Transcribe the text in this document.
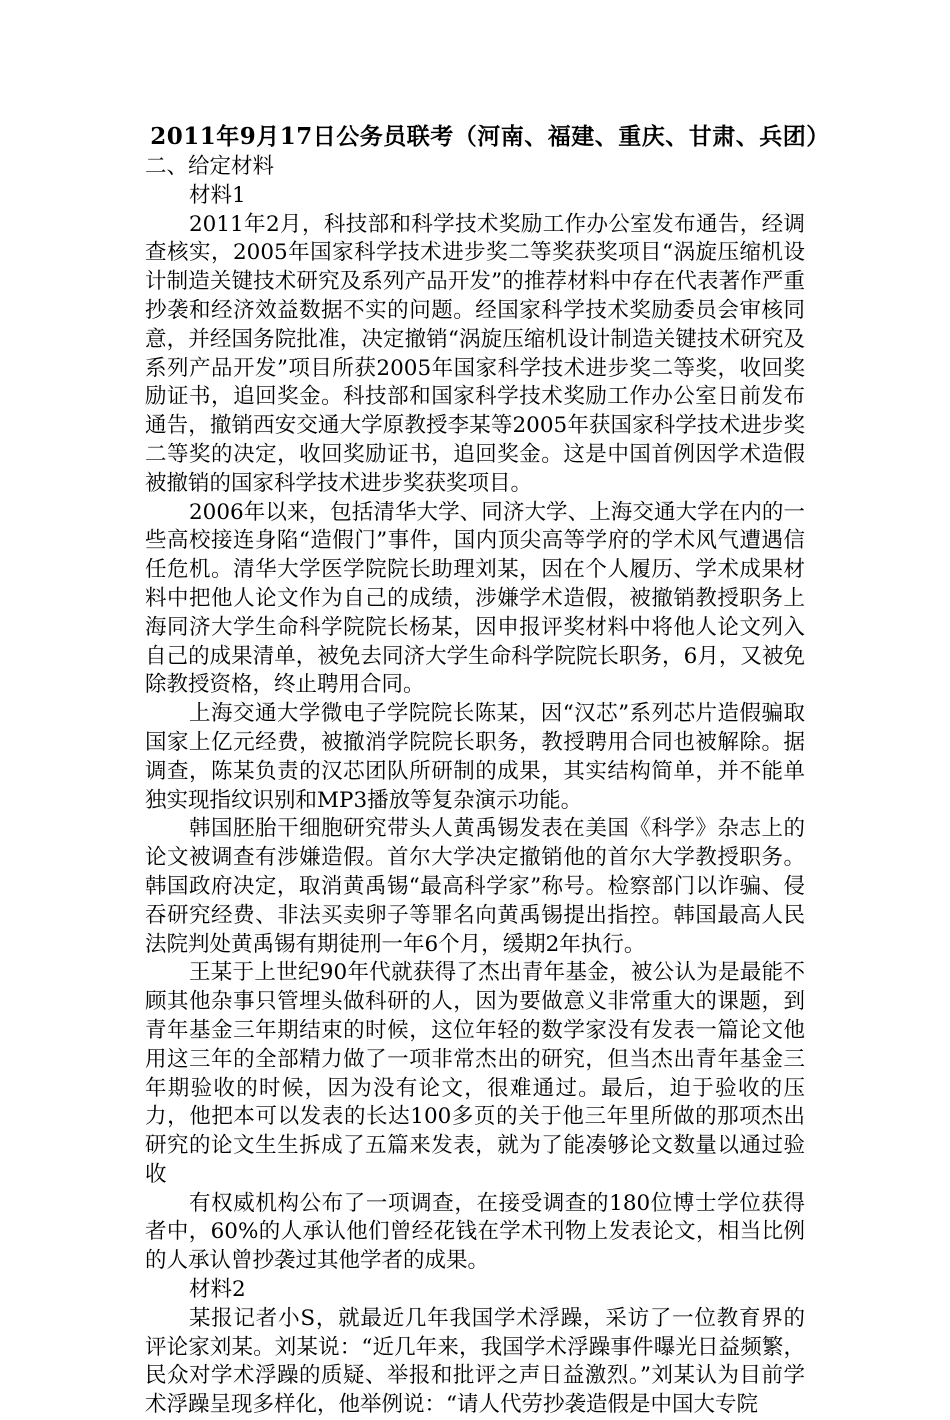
2011年9月17日公务员联考（河南、福建、重庆、甘肃、兵团）

二、给定材料

材料1

2011年2月，科技部和科学技术奖励工作办公室发布通告，经调查核实，2005年国家科学技术进步奖二等奖获奖项目“涡旋压缩机设计制造关键技术研究及系列产品开发”的推荐材料中存在代表著作严重抄袭和经济效益数据不实的问题。经国家科学技术奖励委员会审核同意，并经国务院批准，决定撤销“涡旋压缩机设计制造关键技术研究及系列产品开发”项目所获2005年国家科学技术进步奖二等奖，收回奖励证书，追回奖金。科技部和国家科学技术奖励工作办公室日前发布通告，撤销西安交通大学原教授李某等2005年获国家科学技术进步奖二等奖的决定，收回奖励证书，追回奖金。这是中国首例因学术造假被撤销的国家科学技术进步奖获奖项目。

2006年以来，包括清华大学、同济大学、上海交通大学在内的一些高校接连身陷“造假门”事件，国内顶尖高等学府的学术风气遭遇信任危机。清华大学医学院院长助理刘某，因在个人履历、学术成果材料中把他人论文作为自己的成绩，涉嫌学术造假，被撤销教授职务上海同济大学生命科学院院长杨某，因申报评奖材料中将他人论文列入自己的成果清单，被免去同济大学生命科学院院长职务，6月，又被免除教授资格，终止聘用合同。

上海交通大学微电子学院院长陈某，因“汉芯”系列芯片造假骗取国家上亿元经费，被撤消学院院长职务，教授聘用合同也被解除。据调查，陈某负责的汉芯团队所研制的成果，其实结构简单，并不能单独实现指纹识别和MP3播放等复杂演示功能。

韩国胚胎干细胞研究带头人黄禹锡发表在美国《科学》杂志上的论文被调查有涉嫌造假。首尔大学决定撤销他的首尔大学教授职务。韩国政府决定，取消黄禹锡“最高科学家”称号。检察部门以诈骗、侵吞研究经费、非法买卖卵子等罪名向黄禹锡提出指控。韩国最高人民法院判处黄禹锡有期徒刑一年6个月，缓期2年执行。

王某于上世纪90年代就获得了杰出青年基金，被公认为是最能不顾其他杂事只管埋头做科研的人，因为要做意义非常重大的课题，到青年基金三年期结束的时候，这位年轻的数学家没有发表一篇论文他用这三年的全部精力做了一项非常杰出的研究，但当杰出青年基金三年期验收的时候，因为没有论文，很难通过。最后，迫于验收的压力，他把本可以发表的长达100多页的关于他三年里所做的那项杰出研究的论文生生拆成了五篇来发表，就为了能凑够论文数量以通过验收

有权威机构公布了一项调查，在接受调查的180位博士学位获得者中，60%的人承认他们曾经花钱在学术刊物上发表论文，相当比例的人承认曾抄袭过其他学者的成果。

材料2

某报记者小S，就最近几年我国学术浮躁，采访了一位教育界的评论家刘某。刘某说：“近几年来，我国学术浮躁事件曝光日益频繁，民众对学术浮躁的质疑、举报和批评之声日益激烈。”刘某认为目前学术浮躁呈现多样化，他举例说：“请人代劳抄袭造假是中国大专院
